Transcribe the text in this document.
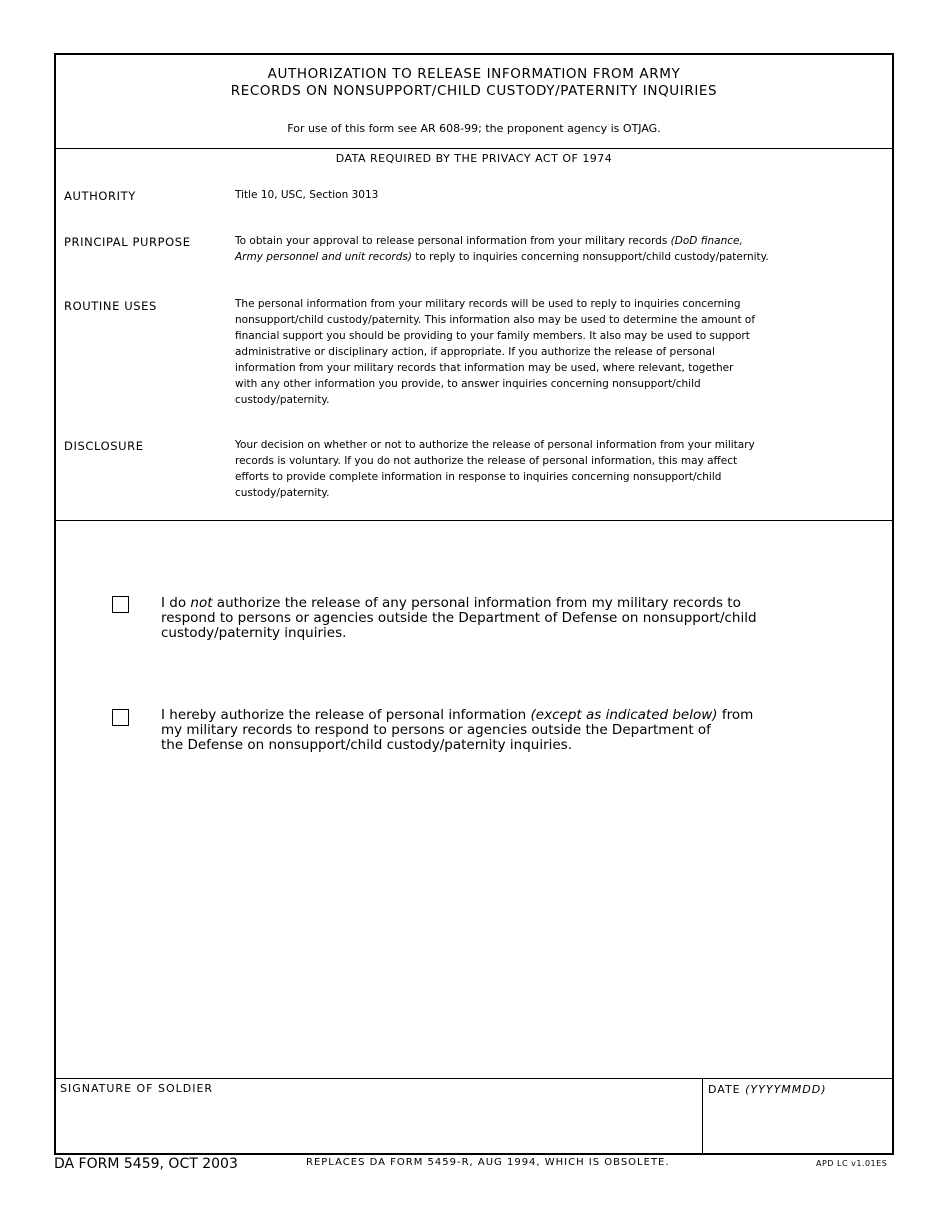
AUTHORIZATION TO RELEASE INFORMATION FROM ARMY
RECORDS ON NONSUPPORT/CHILD CUSTODY/PATERNITY INQUIRIES
For use of this form see AR 608-99; the proponent agency is OTJAG.
DATA REQUIRED BY THE PRIVACY ACT OF 1974
AUTHORITY	Title 10, USC, Section 3013
PRINCIPAL PURPOSE	To obtain your approval to release personal information from your military records (DoD finance,
Army personnel and unit records) to reply to inquiries concerning nonsupport/child custody/paternity.
ROUTINE USES	The personal information from your military records will be used to reply to inquiries concerning
nonsupport/child custody/paternity. This information also may be used to determine the amount of
financial support you should be providing to your family members. It also may be used to support
administrative or disciplinary action, if appropriate. If you authorize the release of personal
information from your military records that information may be used, where relevant, together
with any other information you provide, to answer inquiries concerning nonsupport/child
custody/paternity.
DISCLOSURE	Your decision on whether or not to authorize the release of personal information from your military
records is voluntary. If you do not authorize the release of personal information, this may affect
efforts to provide complete information in response to inquiries concerning nonsupport/child
custody/paternity.
I do not authorize the release of any personal information from my military records to
respond to persons or agencies outside the Department of Defense on nonsupport/child
custody/paternity inquiries.
I hereby authorize the release of personal information (except as indicated below) from
my military records to respond to persons or agencies outside the Department of
the Defense on nonsupport/child custody/paternity inquiries.
SIGNATURE OF SOLDIER	DATE (YYYYMMDD)
DA FORM 5459, OCT 2003	REPLACES DA FORM 5459-R, AUG 1994, WHICH IS OBSOLETE.	APD LC v1.01ES
